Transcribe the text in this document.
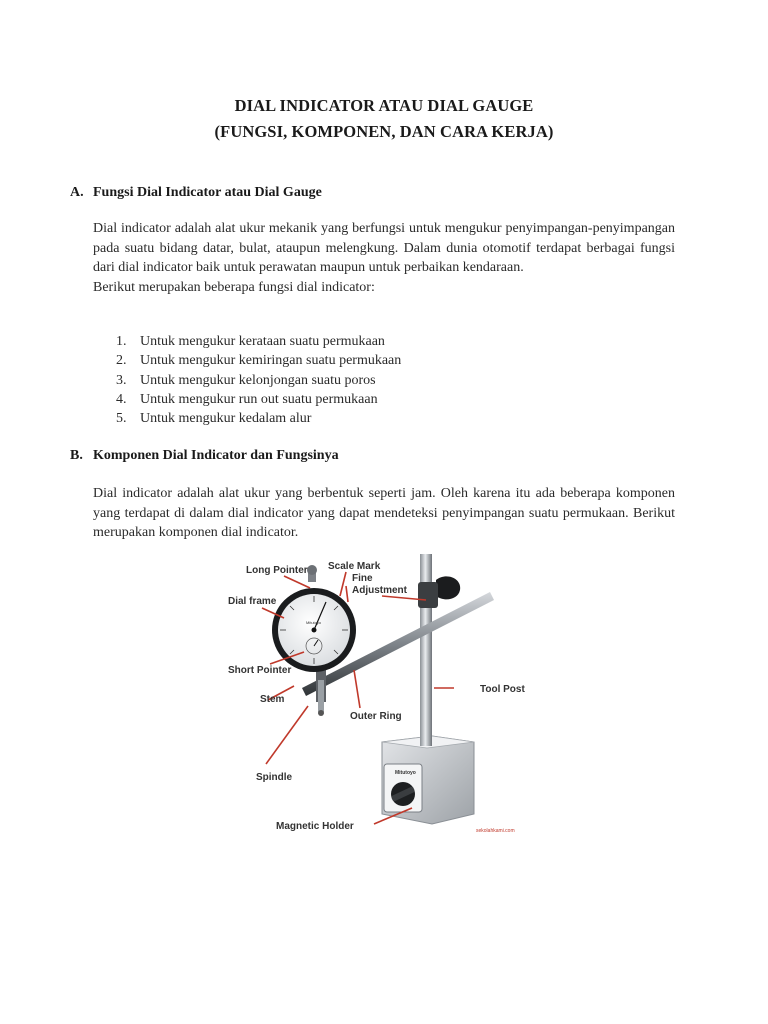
DIAL INDICATOR ATAU DIAL GAUGE
(FUNGSI, KOMPONEN, DAN CARA KERJA)
A. Fungsi Dial Indicator atau Dial Gauge

Dial indicator adalah alat ukur mekanik yang berfungsi untuk mengukur penyimpangan-penyimpangan pada suatu bidang datar, bulat, ataupun melengkung. Dalam dunia otomotif terdapat berbagai fungsi dari dial indicator baik untuk perawatan maupun untuk perbaikan kendaraan.

Berikut merupakan beberapa fungsi dial indicator:

1. Untuk mengukur kerataan suatu permukaan
2. Untuk mengukur kemiringan suatu permukaan
3. Untuk mengukur kelonjongan suatu poros
4. Untuk mengukur run out suatu permukaan
5. Untuk mengukur kedalam alur
B. Komponen Dial Indicator dan Fungsinya

Dial indicator adalah alat ukur yang berbentuk seperti jam. Oleh karena itu ada beberapa komponen yang terdapat di dalam dial indicator yang dapat mendeteksi penyimpangan suatu permukaan. Berikut merupakan komponen dial indicator.

Mitutoyo
Mitutoyo
Long Pointer Scale Mark
Fine
Adjustment
Dial frame
Short Pointer
Stem
Tool Post
Outer Ring
Spindle
Magnetic Holder	sekolahkami.com
